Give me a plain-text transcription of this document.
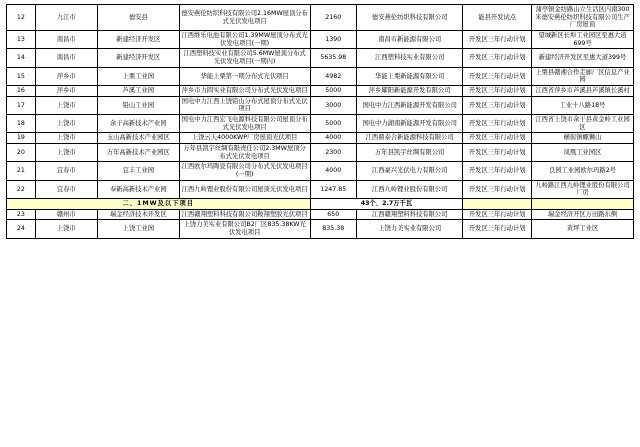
12	九江市	德安县	德安燕伦纺织科技有限公司2.16MW屋顶分布式光伏发电项目	2160	德安燕伦纺织科技有限公司	能县开发试点	蒲亭镇金纺路山立生活区内南300米德安燕伦纺织科技有限公司生产厂房屋顶
13	南昌市	新建经济开发区	江西维乐电池有限公司1.39MW屋顶分布式光伏发电项目(一期)	1390	南昌市新能源有限公司	开发区三年行动计划	望城新区长埠工业园区至惠大道699号
14	南昌市	新建经济开发区	江西塑料技实业有限公司5.6MW屋顶分布式光伏发电项目(一期内)	5635.98	江西塑料技实业有限公司	开发区三年行动计划	新建经济开发区至惠大道399号
15	萍乡市	上栗工业园	华能上栗第一期分布式光伏项目	4982	华能上栗新能源有限公司	开发区三年行动计划	上栗县赣湘合作走廊厂区信息产业园
16	萍乡市	芦溪工业园	萍乡市力圆实业有限公司分布式光伏发电项目	5000	萍乡耀阳新能源开发有限公司	开发区三年行动计划	江西省萍乡市芦溪县芦溪镇长溪村
17	上饶市	铅山工业园	国电中力江西上饶铅山分布式屋顶分布式光伏项目	3000	国电中力江西新能源开发有限公司	开发区三年行动计划	工业十八路18号
18	上饶市	余干高新技术产业园	国电中力江西宏飞电源科技有限公司屋顶分布式光伏发电项目	5000	国电中力湖南新能源开发有限公司	开发区三年行动计划	江西省上饶市余干县黄金岭工业园区
19	上饶市	玉山高新技术产业园区	上饶云天4000KWP厂房屋顶光伏项目	4000	江西鼎泰合新能源科技有限公司	开发区三年行动计划	横街镇螺狮山
20	上饶市	万年高新技术产业园区	万年县凯宇丝绸有限责任公司2.3MW屋顶分布式光伏发电项目	2300	万年县凯宇丝绸有限公司	开发区三年行动计划	凤凰工业园区
21	宜春市	宜丰工业园	江西欧尔玛陶瓷有限公司分布式光伏发电项目(一期)	4000	江西豪兴光伏电力有限公司	开发区三年行动计划	良园工业园欧尔玛路2号
22	宜春市	奉新高新技术产业园	江西九岭锂业股份有限公司屋顶光伏发电项目	1247.85	江西九岭锂业股份有限公司	开发区三年行动计划	九岭路江西九岭锂业股份有限公司厂房
二、1MW及以下项目				43个、2.7万千瓦			
23	赣州市	瑞金经济技术开发区	江西赣翔塑料科技有限公司鞍翔塑胶光伏项目	650	江西赣翔塑料科技有限公司	开发区三年行动计划	瑞金经济开区万田路东侧
24	上饶市	上饶工业园	上饶力美实业有限公司B2厂区835.38KW光伏发电项目	835.38	上饶力美实业有限公司	开发区三年行动计划	黄坪工业区
